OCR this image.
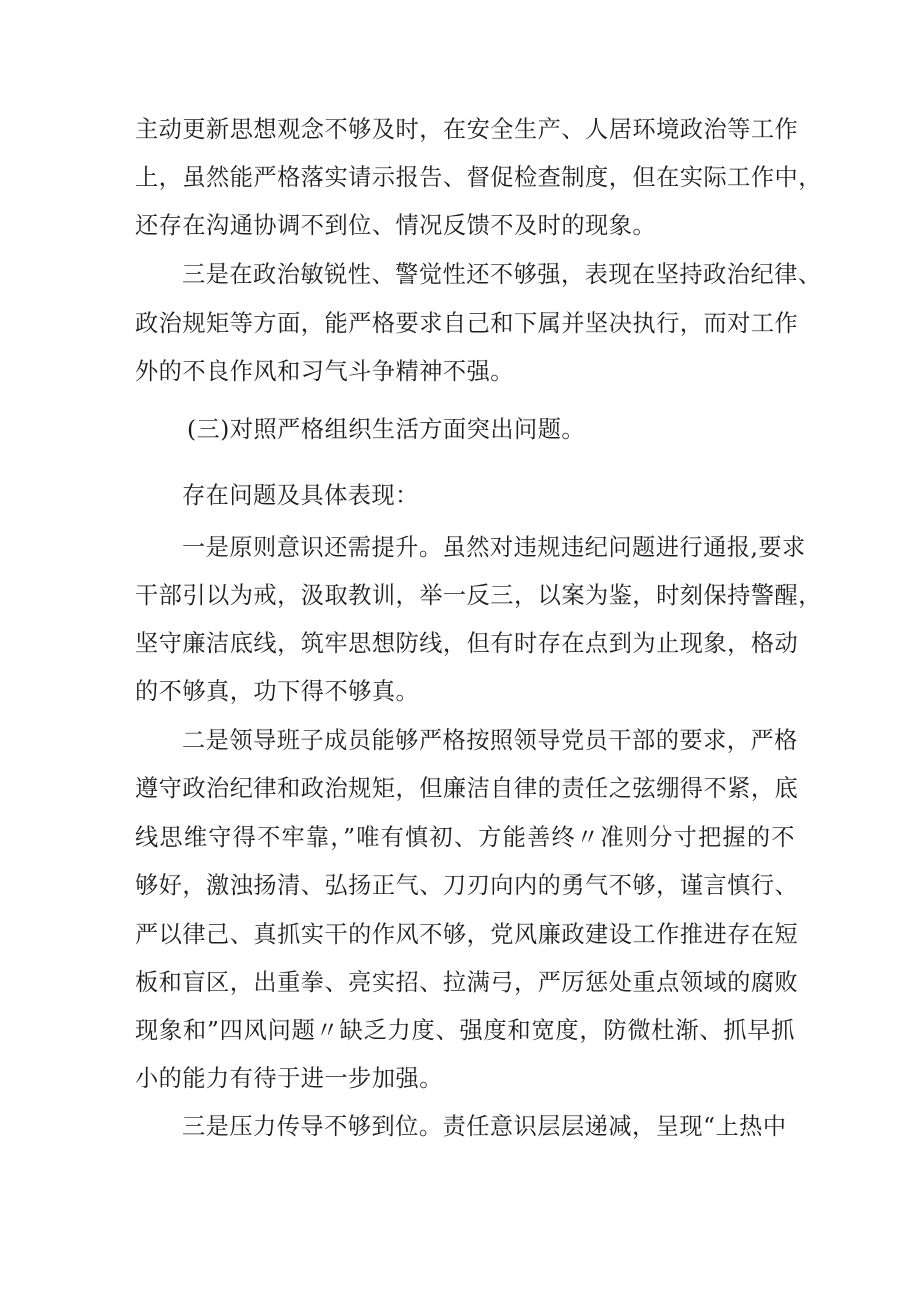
主动更新思想观念不够及时，在安全生产、人居环境政治等工作
上，虽然能严格落实请示报告、督促检查制度，但在实际工作中，
还存在沟通协调不到位、情况反馈不及时的现象。
三是在政治敏锐性、警觉性还不够强，表现在坚持政治纪律、
政治规矩等方面，能严格要求自己和下属并坚决执行，而对工作
外的不良作风和习气斗争精神不强。
(三)对照严格组织生活方面突出问题。
存在问题及具体表现：
一是原则意识还需提升。虽然对违规违纪问题进行通报,要求
干部引以为戒，汲取教训，举一反三，以案为鉴，时刻保持警醒，
坚守廉洁底线，筑牢思想防线，但有时存在点到为止现象，格动
的不够真，功下得不够真。
二是领导班子成员能够严格按照领导党员干部的要求，严格
遵守政治纪律和政治规矩，但廉洁自律的责任之弦绷得不紧，底
线思维守得不牢靠，”唯有慎初、方能善终〃准则分寸把握的不
够好，激浊扬清、弘扬正气、刀刃向内的勇气不够，谨言慎行、
严以律己、真抓实干的作风不够，党风廉政建设工作推进存在短
板和盲区，出重拳、亮实招、拉满弓，严厉惩处重点领域的腐败
现象和”四风问题〃缺乏力度、强度和宽度，防微杜渐、抓早抓
小的能力有待于进一步加强。
三是压力传导不够到位。责任意识层层递减，呈现“上热中
